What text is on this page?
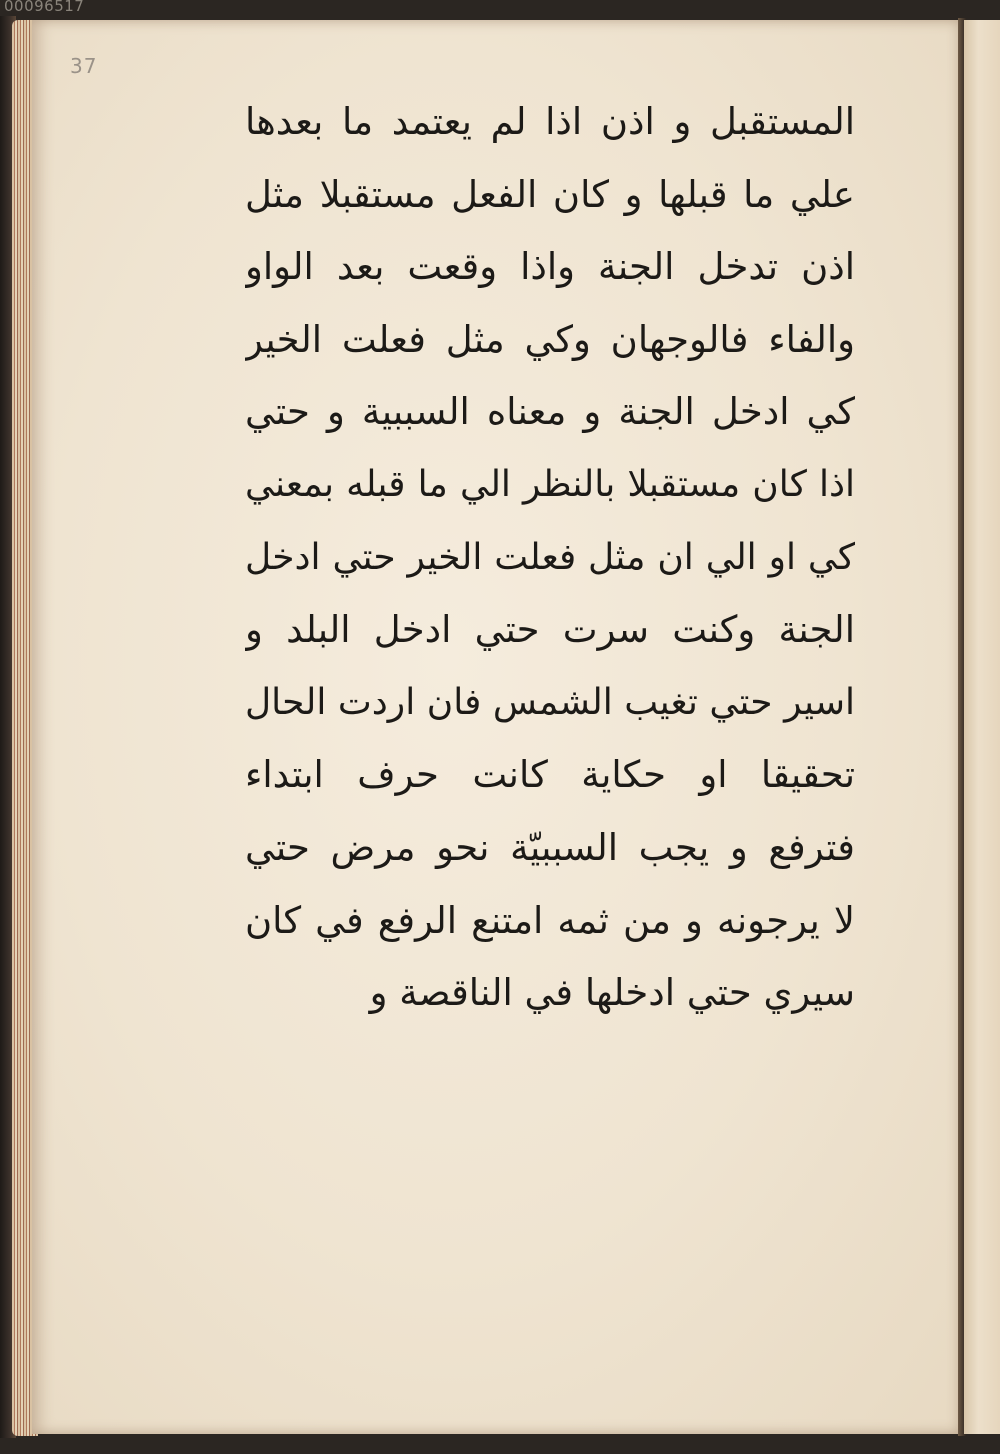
00096517
37
المستقبل و اذن اذا لم يعتمد ما بعدها
علي ما قبلها و كان الفعل مستقبلا مثل
اذن تدخل الجنة واذا وقعت بعد الواو
والفاء فالوجهان وكي مثل فعلت الخير
كي ادخل الجنة و معناه السببية و حتي
اذا كان مستقبلا بالنظر الي ما قبله بمعني
كي او الي ان مثل فعلت الخير حتي ادخل
الجنة وكنت سرت حتي ادخل البلد و
اسير حتي تغيب الشمس فان اردت الحال
تحقيقا او حكاية كانت حرف ابتداء
فترفع و يجب السببيّة نحو مرض حتي
لا يرجونه و من ثمه امتنع الرفع في كان
سيري حتي ادخلها في الناقصة و
